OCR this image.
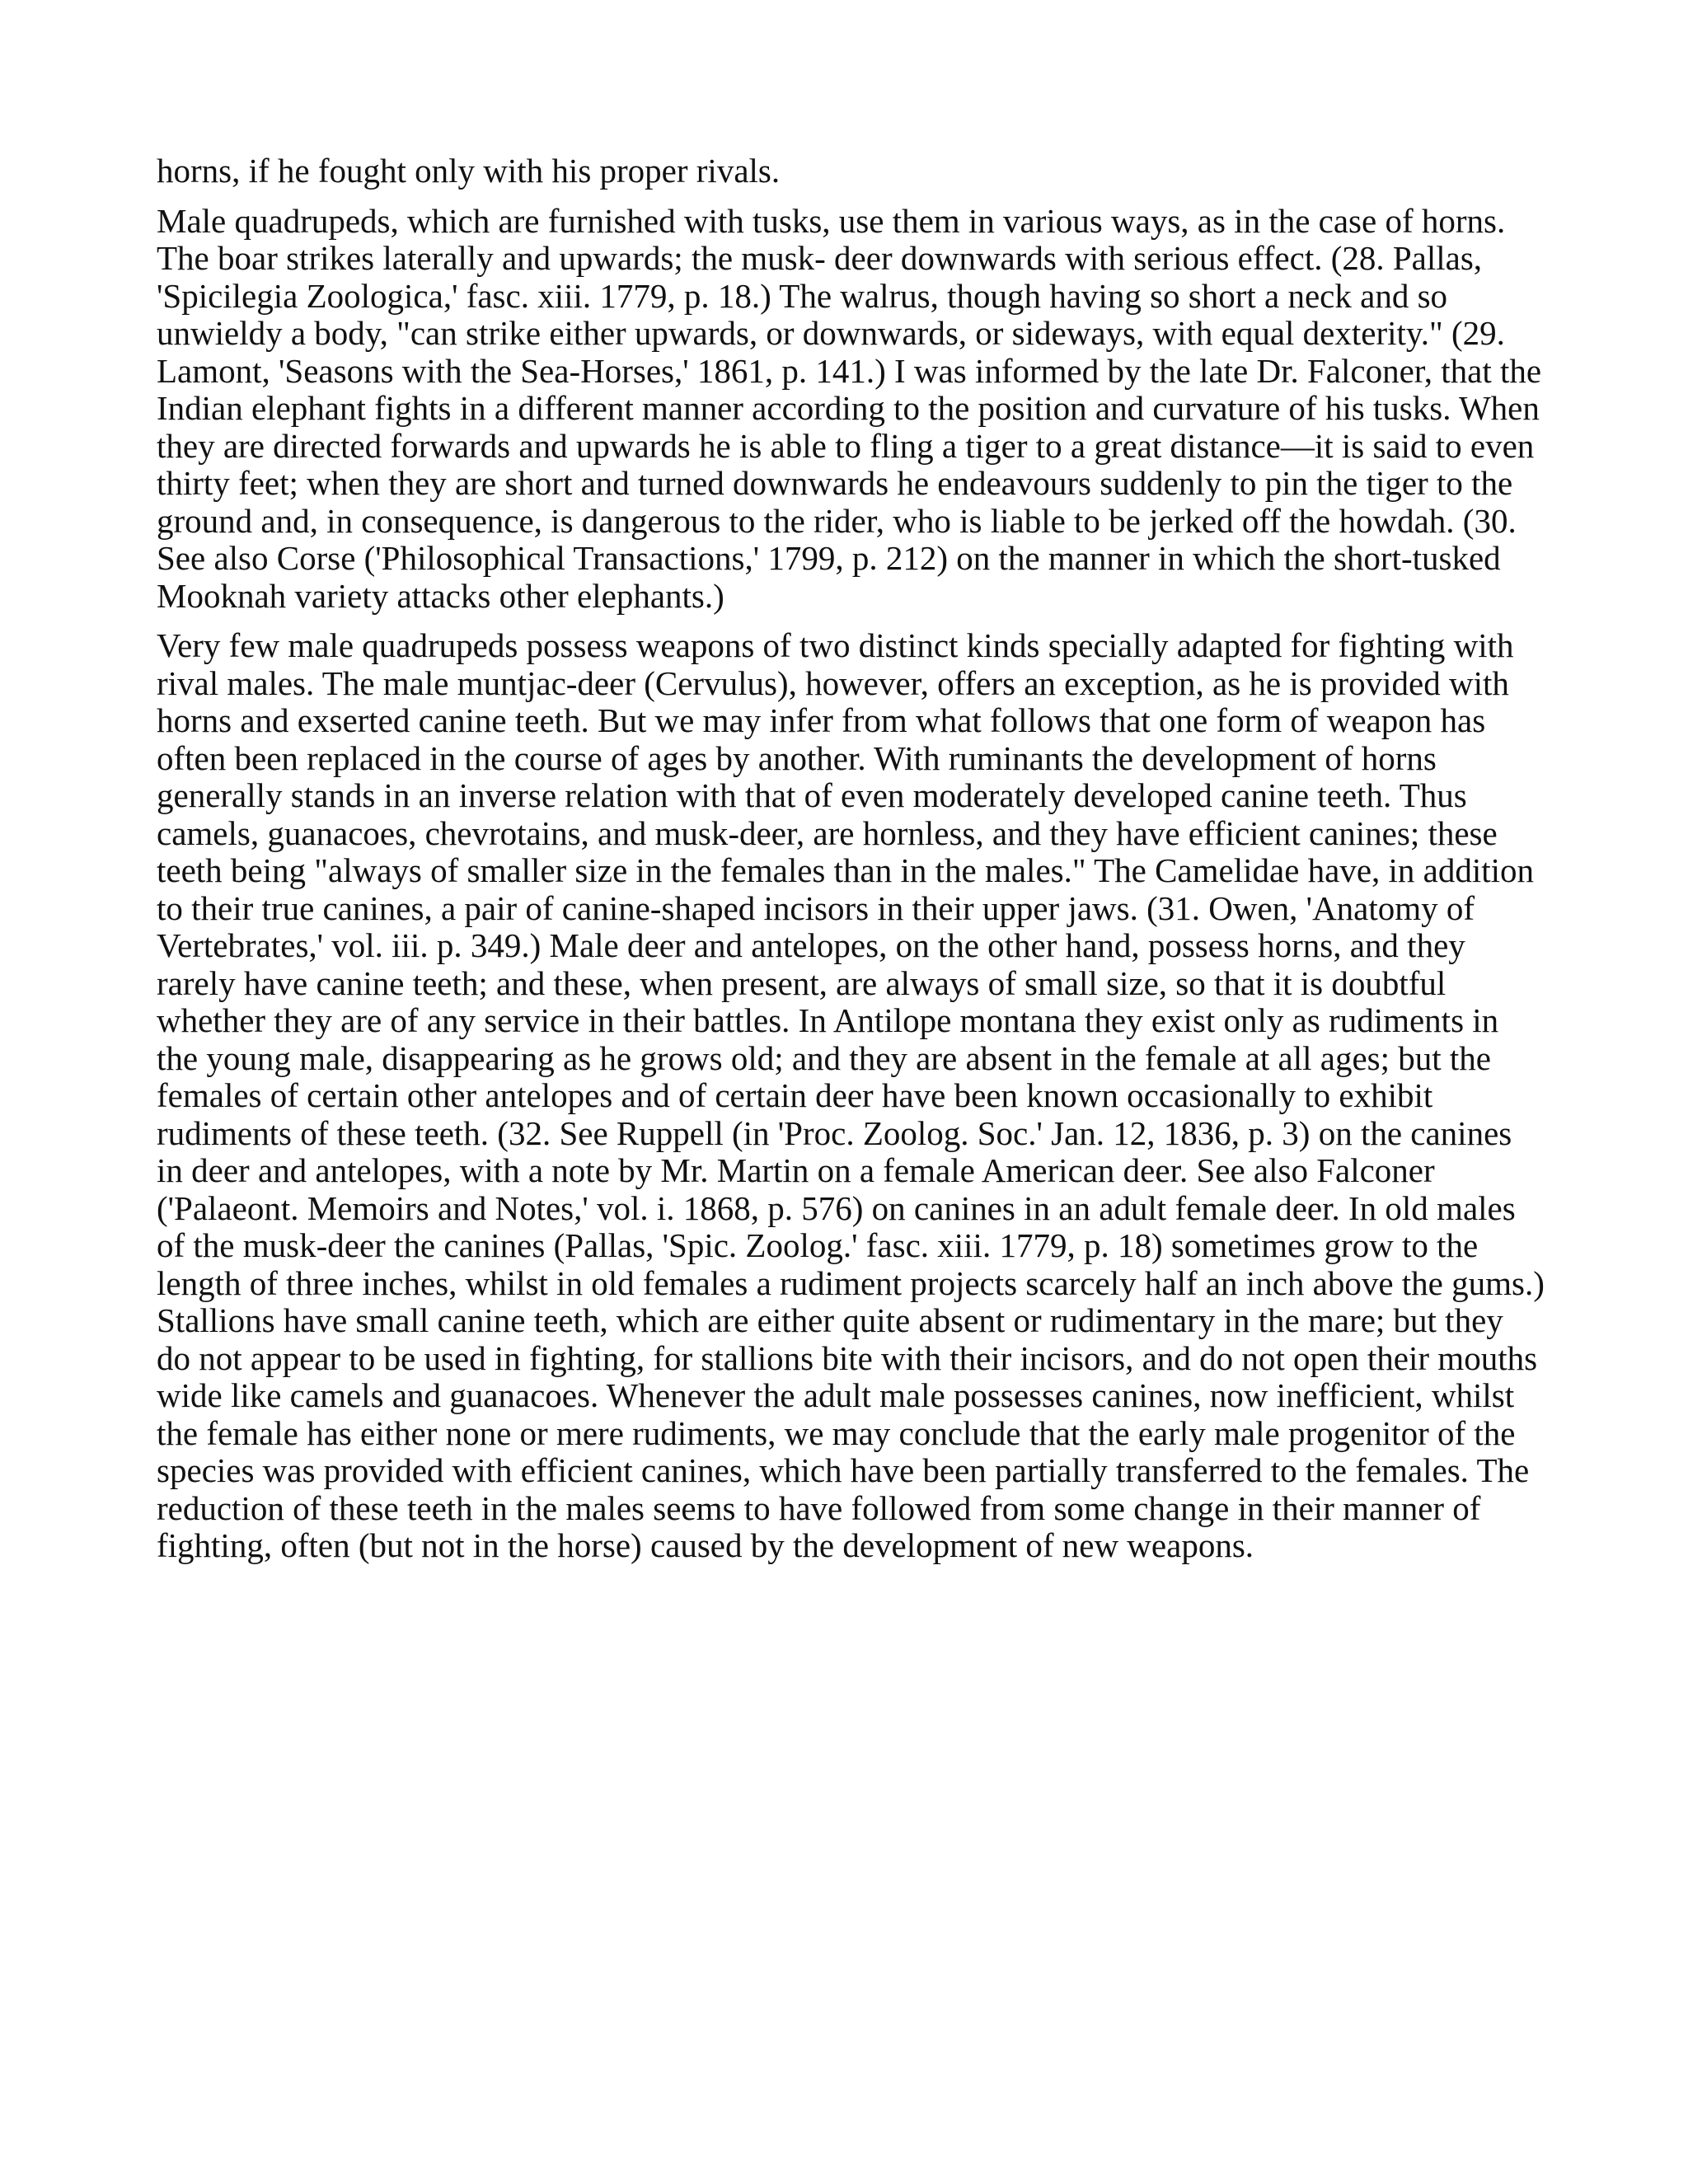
horns, if he fought only with his proper rivals.

Male quadrupeds, which are furnished with tusks, use them in various ways, as in the case of horns. The boar strikes laterally and upwards; the musk- deer downwards with serious effect. (28. Pallas, 'Spicilegia Zoologica,' fasc. xiii. 1779, p. 18.) The walrus, though having so short a neck and so unwieldy a body, "can strike either upwards, or downwards, or sideways, with equal dexterity." (29. Lamont, 'Seasons with the Sea-Horses,' 1861, p. 141.) I was informed by the late Dr. Falconer, that the Indian elephant fights in a different manner according to the position and curvature of his tusks. When they are directed forwards and upwards he is able to fling a tiger to a great distance—it is said to even thirty feet; when they are short and turned downwards he endeavours suddenly to pin the tiger to the ground and, in consequence, is dangerous to the rider, who is liable to be jerked off the howdah. (30. See also Corse ('Philosophical Transactions,' 1799, p. 212) on the manner in which the short-tusked Mooknah variety attacks other elephants.)

Very few male quadrupeds possess weapons of two distinct kinds specially adapted for fighting with rival males. The male muntjac-deer (Cervulus), however, offers an exception, as he is provided with horns and exserted canine teeth. But we may infer from what follows that one form of weapon has often been replaced in the course of ages by another. With ruminants the development of horns generally stands in an inverse relation with that of even moderately developed canine teeth. Thus camels, guanacoes, chevrotains, and musk-deer, are hornless, and they have efficient canines; these teeth being "always of smaller size in the females than in the males." The Camelidae have, in addition to their true canines, a pair of canine-shaped incisors in their upper jaws. (31. Owen, 'Anatomy of Vertebrates,' vol. iii. p. 349.) Male deer and antelopes, on the other hand, possess horns, and they rarely have canine teeth; and these, when present, are always of small size, so that it is doubtful whether they are of any service in their battles. In Antilope montana they exist only as rudiments in the young male, disappearing as he grows old; and they are absent in the female at all ages; but the females of certain other antelopes and of certain deer have been known occasionally to exhibit rudiments of these teeth. (32. See Ruppell (in 'Proc. Zoolog. Soc.' Jan. 12, 1836, p. 3) on the canines in deer and antelopes, with a note by Mr. Martin on a female American deer. See also Falconer ('Palaeont. Memoirs and Notes,' vol. i. 1868, p. 576) on canines in an adult female deer. In old males of the musk-deer the canines (Pallas, 'Spic. Zoolog.' fasc. xiii. 1779, p. 18) sometimes grow to the length of three inches, whilst in old females a rudiment projects scarcely half an inch above the gums.) Stallions have small canine teeth, which are either quite absent or rudimentary in the mare; but they do not appear to be used in fighting, for stallions bite with their incisors, and do not open their mouths wide like camels and guanacoes. Whenever the adult male possesses canines, now inefficient, whilst the female has either none or mere rudiments, we may conclude that the early male progenitor of the species was provided with efficient canines, which have been partially transferred to the females. The reduction of these teeth in the males seems to have followed from some change in their manner of fighting, often (but not in the horse) caused by the development of new weapons.
